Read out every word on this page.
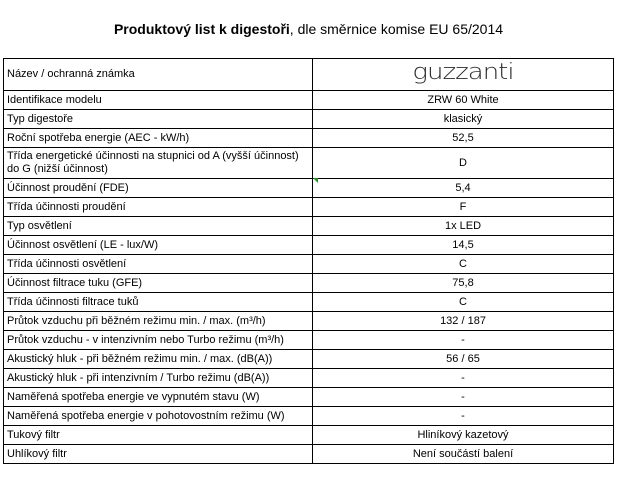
Produktový list k digestoři , dle směrnice komise EU 65/2014
Název / ochranná známka	guzzanti
Identifikace modelu	ZRW 60 White
Typ digestoře	klasický
Roční spotřeba energie (AEC - kW/h)	52,5
Třída energetické účinnosti na stupnici od A (vyšší účinnost) do G (nižší účinnost)	D
Účinnost proudění (FDE)	5,4
Třída účinnosti proudění	F
Typ osvětlení	1x LED
Účinnost osvětlení (LE - lux/W)	14,5
Třída účinnosti osvětlení	C
Účinnost filtrace tuku (GFE)	75,8
Třída účinnosti filtrace tuků	C
Průtok vzduchu při běžném režimu min. / max. (m³/h)	132 / 187
Průtok vzduchu - v intenzivním nebo Turbo režimu (m³/h)	-
Akustický hluk - při běžném režimu min. / max. (dB(A))	56 / 65
Akustický hluk - při intenzivním / Turbo režimu (dB(A))	-
Naměřená spotřeba energie ve vypnutém stavu (W)	-
Naměřená spotřeba energie v pohotovostním režimu (W)	-
Tukový filtr	Hliníkový kazetový
Uhlíkový filtr	Není součástí balení
